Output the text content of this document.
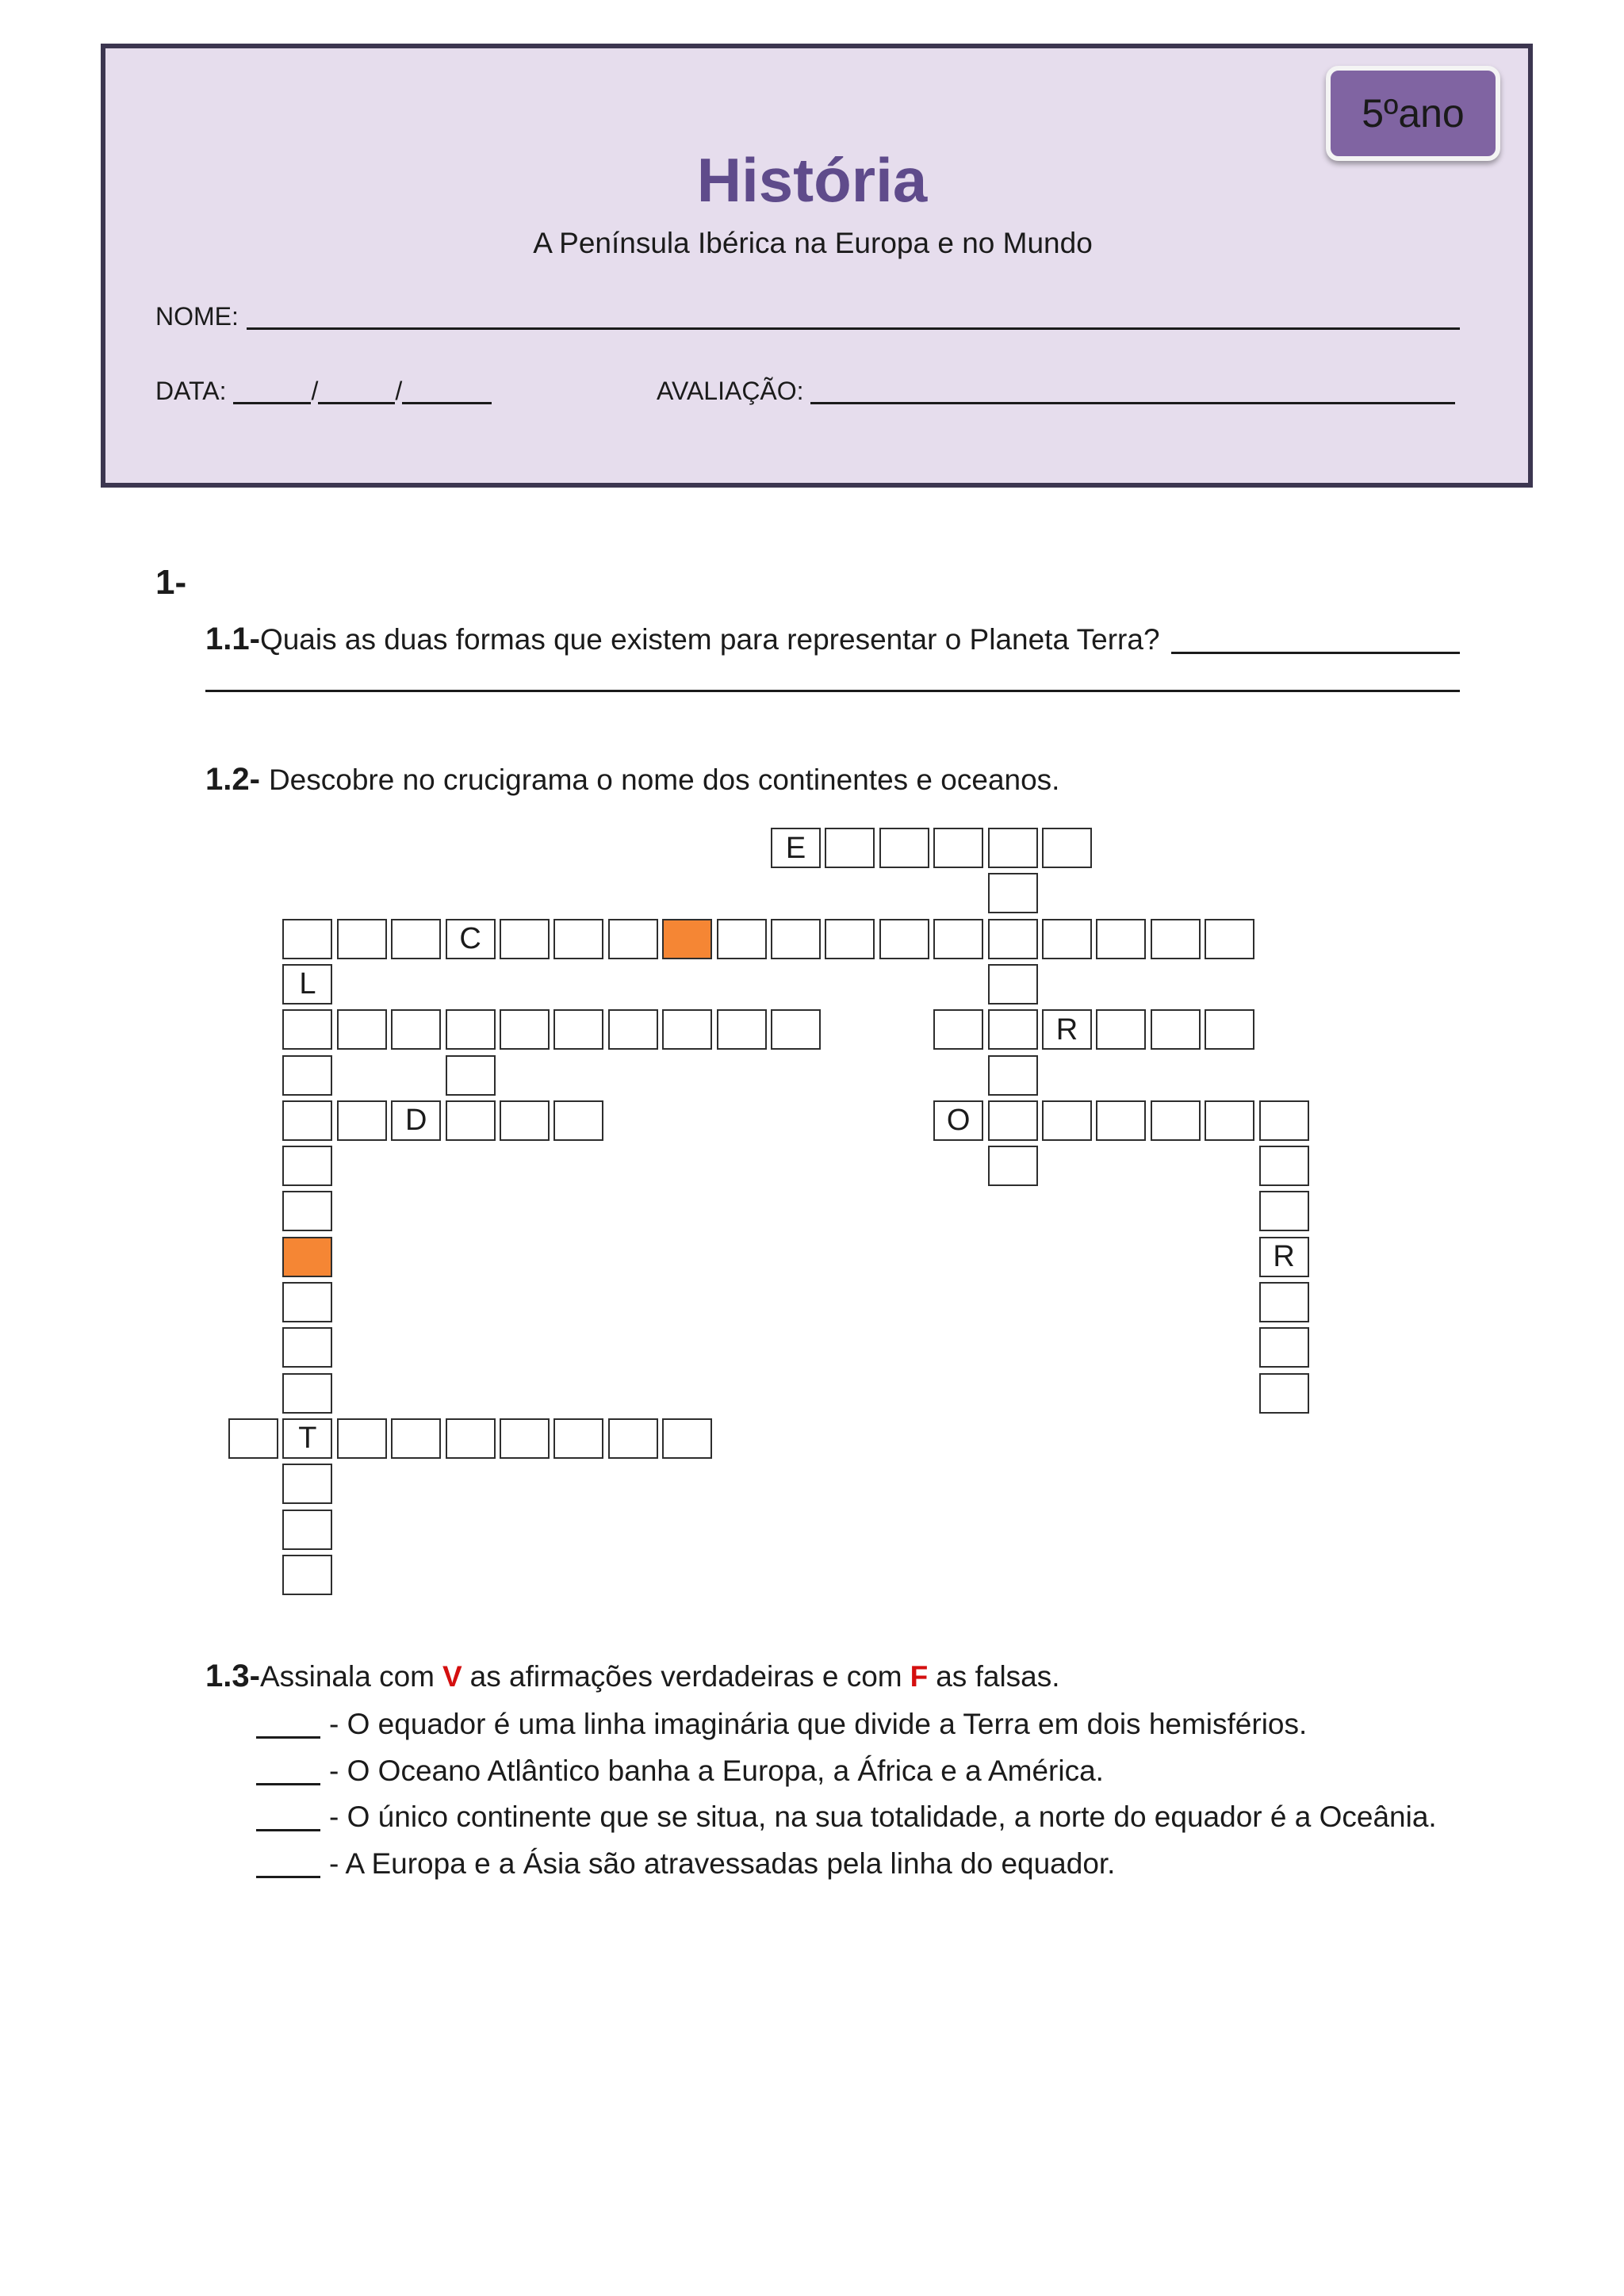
5ºano
História
A Península Ibérica na Europa e no Mundo
NOME:
DATA:	/	/	AVALIAÇÃO:
1-
1.1- Quais as duas formas que existem para representar o Planeta Terra?
1.2- Descobre no crucigrama o nome dos continentes e oceanos.
E
C
L
R
D	O
R
T
1.3- Assinala com V as afirmações verdadeiras e com F as falsas.
- O equador é uma linha imaginária que divide a Terra em dois hemisférios.
- O Oceano Atlântico banha a Europa, a África e a América.
- O único continente que se situa, na sua totalidade, a norte do equador é a Oceânia.
- A Europa e a Ásia são atravessadas pela linha do equador.
